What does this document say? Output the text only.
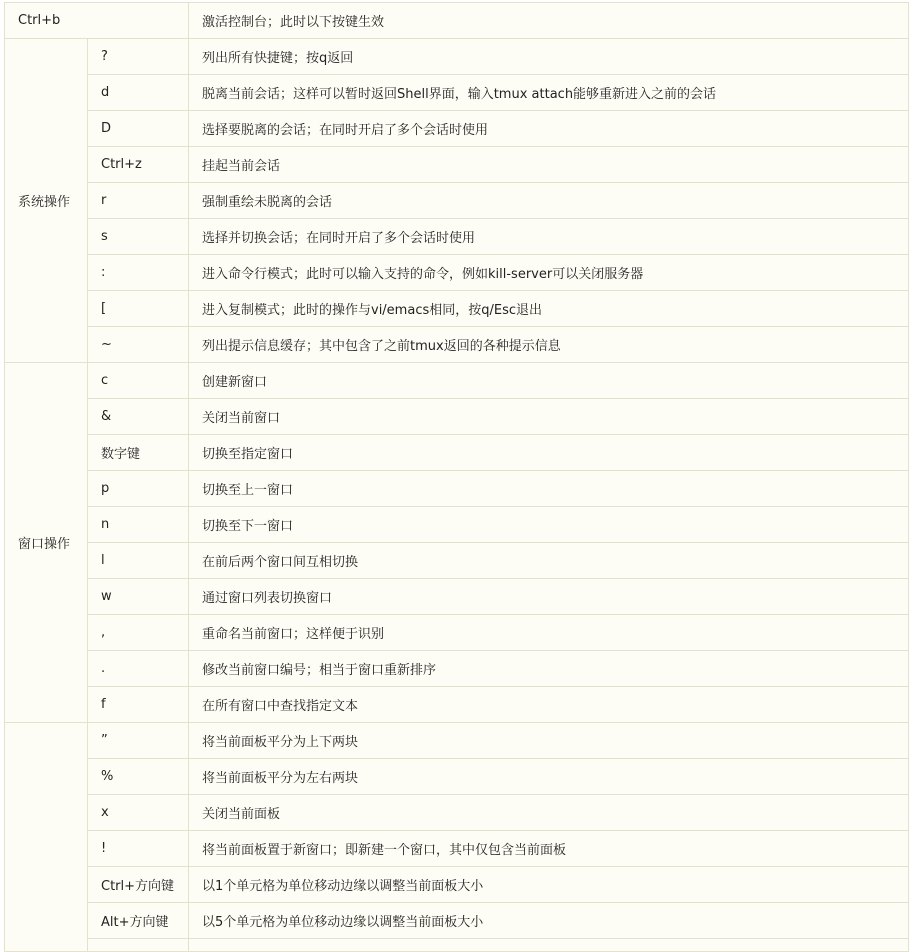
Ctrl+b		激活控制台；此时以下按键生效
系统操作	?	列出所有快捷键；按q返回
	d	脱离当前会话；这样可以暂时返回Shell界面，输入tmux attach能够重新进入之前的会话
	D	选择要脱离的会话；在同时开启了多个会话时使用
	Ctrl+z	挂起当前会话
	r	强制重绘未脱离的会话
	s	选择并切换会话；在同时开启了多个会话时使用
	:	进入命令行模式；此时可以输入支持的命令，例如kill-server可以关闭服务器
	[	进入复制模式；此时的操作与vi/emacs相同，按q/Esc退出
	~	列出提示信息缓存；其中包含了之前tmux返回的各种提示信息
窗口操作	c	创建新窗口
	&	关闭当前窗口
	数字键	切换至指定窗口
	p	切换至上一窗口
	n	切换至下一窗口
	l	在前后两个窗口间互相切换
	w	通过窗口列表切换窗口
	,	重命名当前窗口；这样便于识别
	.	修改当前窗口编号；相当于窗口重新排序
	f	在所有窗口中查找指定文本
	”	将当前面板平分为上下两块
	%	将当前面板平分为左右两块
	x	关闭当前面板
	!	将当前面板置于新窗口；即新建一个窗口，其中仅包含当前面板
	Ctrl+方向键	以1个单元格为单位移动边缘以调整当前面板大小
	Alt+方向键	以5个单元格为单位移动边缘以调整当前面板大小
